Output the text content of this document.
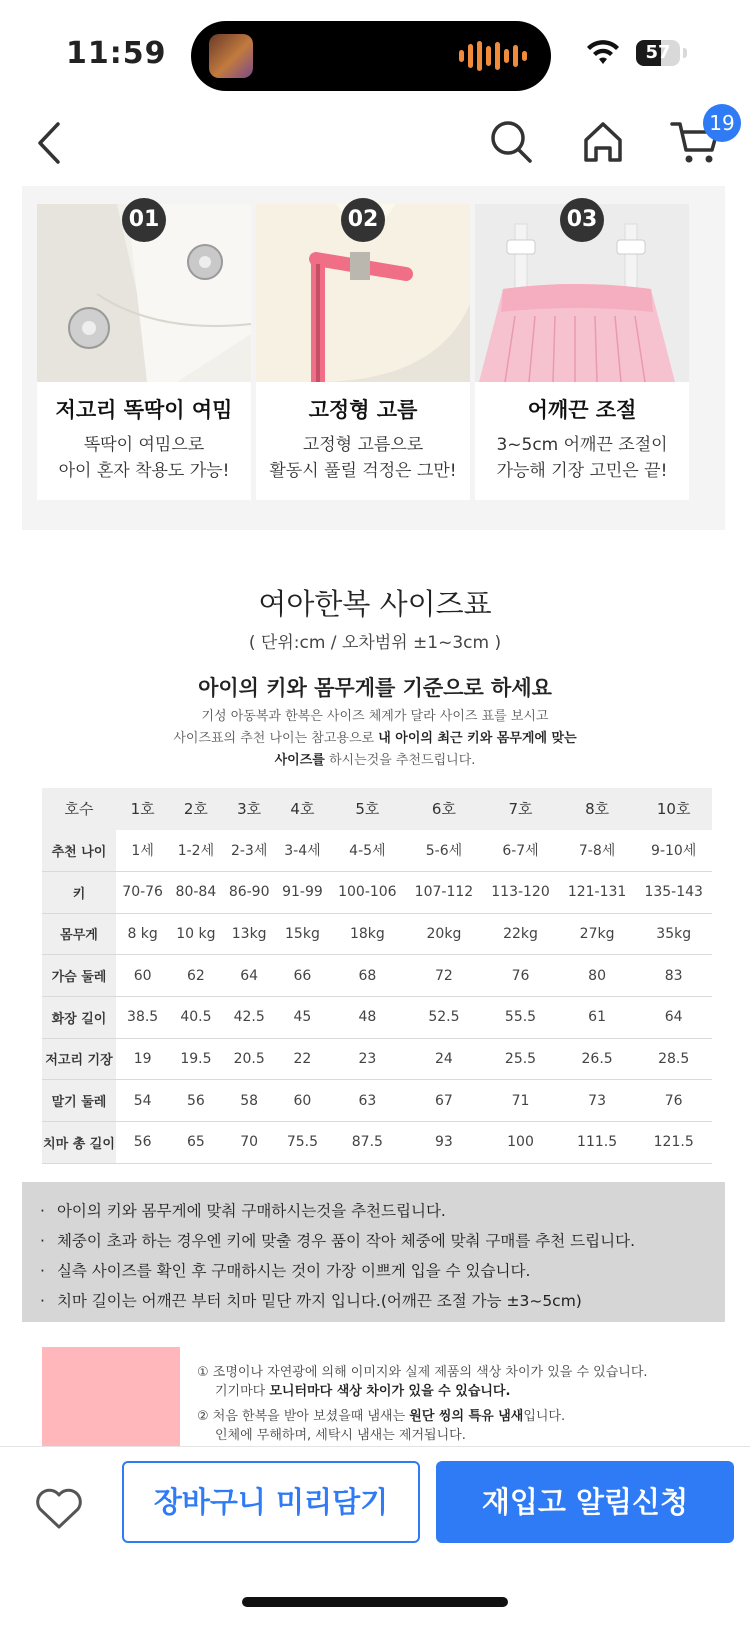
11:59	57
19
01
저고리 똑딱이 여밈
똑딱이 여밈으로
아이 혼자 착용도 가능!
02
고정형 고름
고정형 고름으로
활동시 풀릴 걱정은 그만!
03
어깨끈 조절
3~5cm 어깨끈 조절이
가능해 기장 고민은 끝!
여아한복 사이즈표
( 단위:cm / 오차범위 ±1~3cm )
아이의 키와 몸무게를 기준으로 하세요
기성 아동복과 한복은 사이즈 체계가 달라 사이즈 표를 보시고
사이즈표의 추천 나이는 참고용으로 내 아이의 최근 키와 몸무게에 맞는
사이즈를 하시는것을 추천드립니다.
호수	1호	2호	3호	4호	5호	6호	7호	8호	10호
추천 나이	1세	1-2세	2-3세	3-4세	4-5세	5-6세	6-7세	7-8세	9-10세
키	70-76	80-84	86-90	91-99	100-106	107-112	113-120	121-131	135-143
몸무게	8 kg	10 kg	13kg	15kg	18kg	20kg	22kg	27kg	35kg
가슴 둘레	60	62	64	66	68	72	76	80	83
화장 길이	38.5	40.5	42.5	45	48	52.5	55.5	61	64
저고리 기장	19	19.5	20.5	22	23	24	25.5	26.5	28.5
말기 둘레	54	56	58	60	63	67	71	73	76
치마 총 길이	56	65	70	75.5	87.5	93	100	111.5	121.5
· 아이의 키와 몸무게에 맞춰 구매하시는것을 추천드립니다.
· 체중이 초과 하는 경우엔 키에 맞출 경우 품이 작아 체중에 맞춰 구매를 추천 드립니다.
· 실측 사이즈를 확인 후 구매하시는 것이 가장 이쁘게 입을 수 있습니다.
· 치마 길이는 어깨끈 부터 치마 밑단 까지 입니다.(어깨끈 조절 가능 ±3~5cm)
① 조명이나 자연광에 의해 이미지와 실제 제품의 색상 차이가 있을 수 있습니다.
기기마다 모니터마다 색상 차이가 있을 수 있습니다.
② 처음 한복을 받아 보셨을때 냄새는 원단 씽의 특유 냄새입니다.
인체에 무해하며, 세탁시 냄새는 제거됩니다.
장바구니 미리담기	재입고 알림신청
